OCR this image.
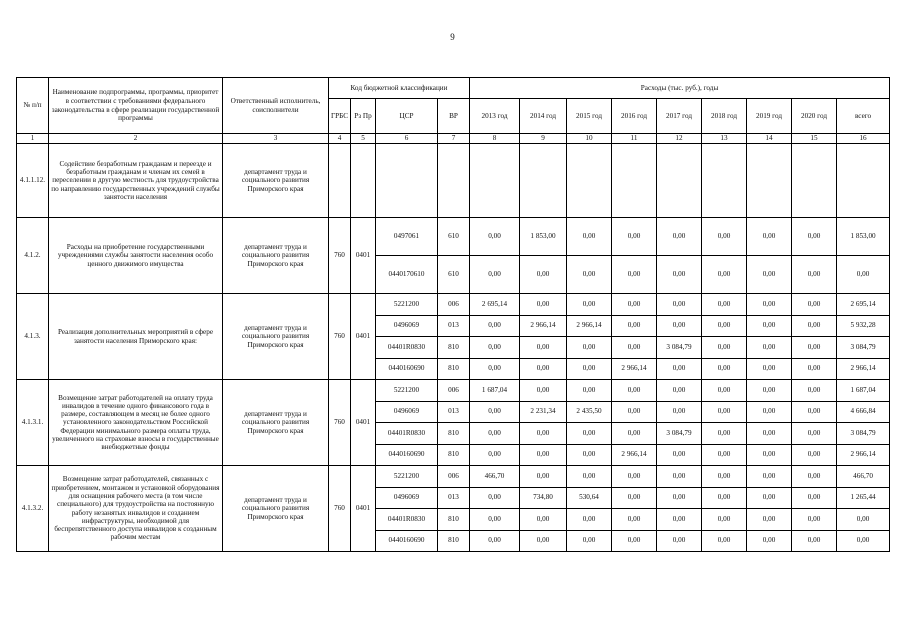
9
№ п/п	Наименование подпрограммы, программы, приоритет в соответствии с требованиями федерального законодательства в сфере реализации государственной программы	Ответственный исполнитель, соисполнители	Код бюджетной классификации				Расходы (тыс. руб.), годы								
			ГРБС	Рз Пр	ЦСР	ВР	2013 год	2014 год	2015 год	2016 год	2017 год	2018 год	2019 год	2020 год	всего
1	2	3	4	5	6	7	8	9	10	11	12	13	14	15	16
4.1.1.12.	Содействие безработным гражданам и переезде и безработным гражданам и членам их семей в переселении в другую местность для трудоустройства по направлению государственных учреждений службы занятости населения	департамент труда и социального развития Приморского края													
4.1.2.	Расходы на приобретение государственными учреждениями службы занятости населения особо ценного движимого имущества	департамент труда и социального развития Приморского края	760	0401	0497061	610	0,00	1 853,00	0,00	0,00	0,00	0,00	0,00	0,00	1 853,00
					0440170610	610	0,00	0,00	0,00	0,00	0,00	0,00	0,00	0,00	0,00
4.1.3.	Реализация дополнительных мероприятий в сфере занятости населения Приморского края:	департамент труда и социального развития Приморского края	760	0401	5221200	006	2 695,14	0,00	0,00	0,00	0,00	0,00	0,00	0,00	2 695,14
					0496069	013	0,00	2 966,14	2 966,14	0,00	0,00	0,00	0,00	0,00	5 932,28
					04401R0830	810	0,00	0,00	0,00	0,00	3 084,79	0,00	0,00	0,00	3 084,79
					0440160690	810	0,00	0,00	0,00	2 966,14	0,00	0,00	0,00	0,00	2 966,14
4.1.3.1.	Возмещение затрат работодателей на оплату труда инвалидов в течение одного финансового года в размере, составляющем в месяц не более одного установленного законодательством Российской Федерации минимального размера оплаты труда, увеличенного на страховые взносы в государственные внебюджетные фонды	департамент труда и социального развития Приморского края	760	0401	5221200	006	1 687,04	0,00	0,00	0,00	0,00	0,00	0,00	0,00	1 687,04
					0496069	013	0,00	2 231,34	2 435,50	0,00	0,00	0,00	0,00	0,00	4 666,84
					04401R0830	810	0,00	0,00	0,00	0,00	3 084,79	0,00	0,00	0,00	3 084,79
					0440160690	810	0,00	0,00	0,00	2 966,14	0,00	0,00	0,00	0,00	2 966,14
4.1.3.2.	Возмещение затрат работодателей, связанных с приобретением, монтажом и установкой оборудования для оснащения рабочего места (в том числе специального) для трудоустройства на постоянную работу незанятых инвалидов и созданием инфраструктуры, необходимой для беспрепятственного доступа инвалидов к созданным рабочим местам	департамент труда и социального развития Приморского края	760	0401	5221200	006	466,70	0,00	0,00	0,00	0,00	0,00	0,00	0,00	466,70
					0496069	013	0,00	734,80	530,64	0,00	0,00	0,00	0,00	0,00	1 265,44
					04401R0830	810	0,00	0,00	0,00	0,00	0,00	0,00	0,00	0,00	0,00
					0440160690	810	0,00	0,00	0,00	0,00	0,00	0,00	0,00	0,00	0,00
